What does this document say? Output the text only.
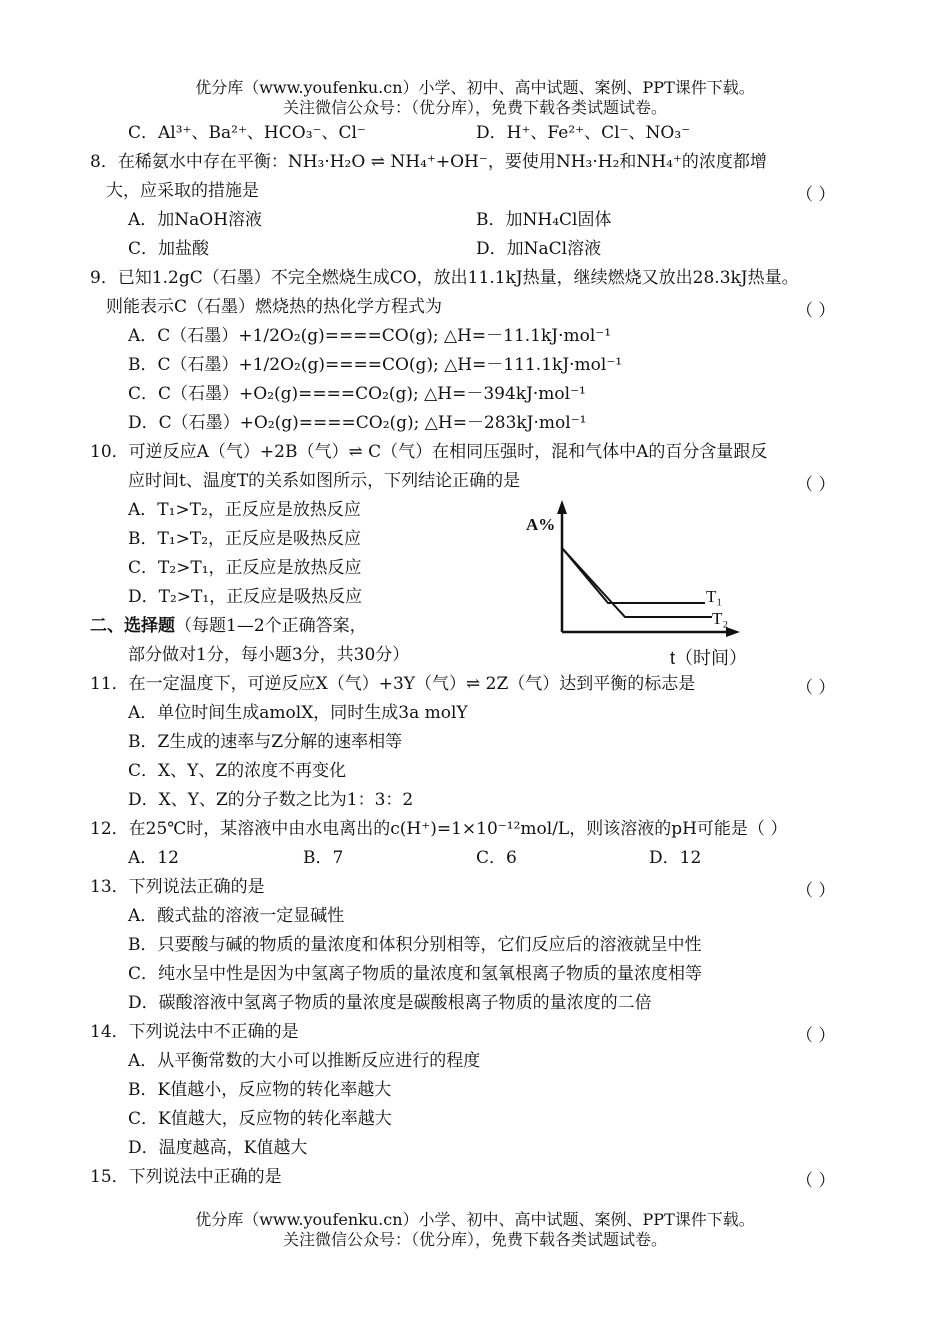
优分库（www.youfenku.cn）小学、初中、高中试题、案例、PPT课件下载。
关注微信公众号：（优分库），免费下载各类试题试卷。
C．Al³⁺、Ba²⁺、HCO₃⁻、Cl⁻	D．H⁺、Fe²⁺、Cl⁻、NO₃⁻
8．在稀氨水中存在平衡：NH₃·H₂O ⇌ NH₄⁺+OH⁻，要使用NH₃·H₂和NH₄⁺的浓度都增
大，应采取的措施是	（ ）
A．加NaOH溶液	B．加NH₄Cl固体
C．加盐酸	D．加NaCl溶液
9．已知1.2gC（石墨）不完全燃烧生成CO，放出11.1kJ热量，继续燃烧又放出28.3kJ热量。
则能表示C（石墨）燃烧热的热化学方程式为	（ ）
A．C（石墨）+1/2O₂(g)====CO(g); △H=－11.1kJ·mol⁻¹
B．C（石墨）+1/2O₂(g)====CO(g); △H=－111.1kJ·mol⁻¹
C．C（石墨）+O₂(g)====CO₂(g); △H=－394kJ·mol⁻¹
D．C（石墨）+O₂(g)====CO₂(g); △H=－283kJ·mol⁻¹
10．可逆反应A（气）+2B（气）⇌ C（气）在相同压强时，混和气体中A的百分含量跟反
应时间t、温度T的关系如图所示，下列结论正确的是	（ ）
A．T₁>T₂，正反应是放热反应
B．T₁>T₂，正反应是吸热反应
C．T₂>T₁，正反应是放热反应
D．T₂>T₁，正反应是吸热反应
A%
T₁
T₂
t（时间）
二、选择题（每题1—2个正确答案，
部分做对1分，每小题3分，共30分）
11．在一定温度下，可逆反应X（气）+3Y（气）⇌ 2Z（气）达到平衡的标志是	（ ）
A．单位时间生成amolX，同时生成3a molY
B．Z生成的速率与Z分解的速率相等
C．X、Y、Z的浓度不再变化
D．X、Y、Z的分子数之比为1：3：2
12．在25℃时，某溶液中由水电离出的c(H⁺)=1×10⁻¹²mol/L，则该溶液的pH可能是（ ）
A．12	B．7	C．6	D．12
13．下列说法正确的是	（ ）
A．酸式盐的溶液一定显碱性
B．只要酸与碱的物质的量浓度和体积分别相等，它们反应后的溶液就呈中性
C．纯水呈中性是因为中氢离子物质的量浓度和氢氧根离子物质的量浓度相等
D．碳酸溶液中氢离子物质的量浓度是碳酸根离子物质的量浓度的二倍
14．下列说法中不正确的是	（ ）
A．从平衡常数的大小可以推断反应进行的程度
B．K值越小，反应物的转化率越大
C．K值越大，反应物的转化率越大
D．温度越高，K值越大
15．下列说法中正确的是	（ ）
优分库（www.youfenku.cn）小学、初中、高中试题、案例、PPT课件下载。
关注微信公众号：（优分库），免费下载各类试题试卷。
